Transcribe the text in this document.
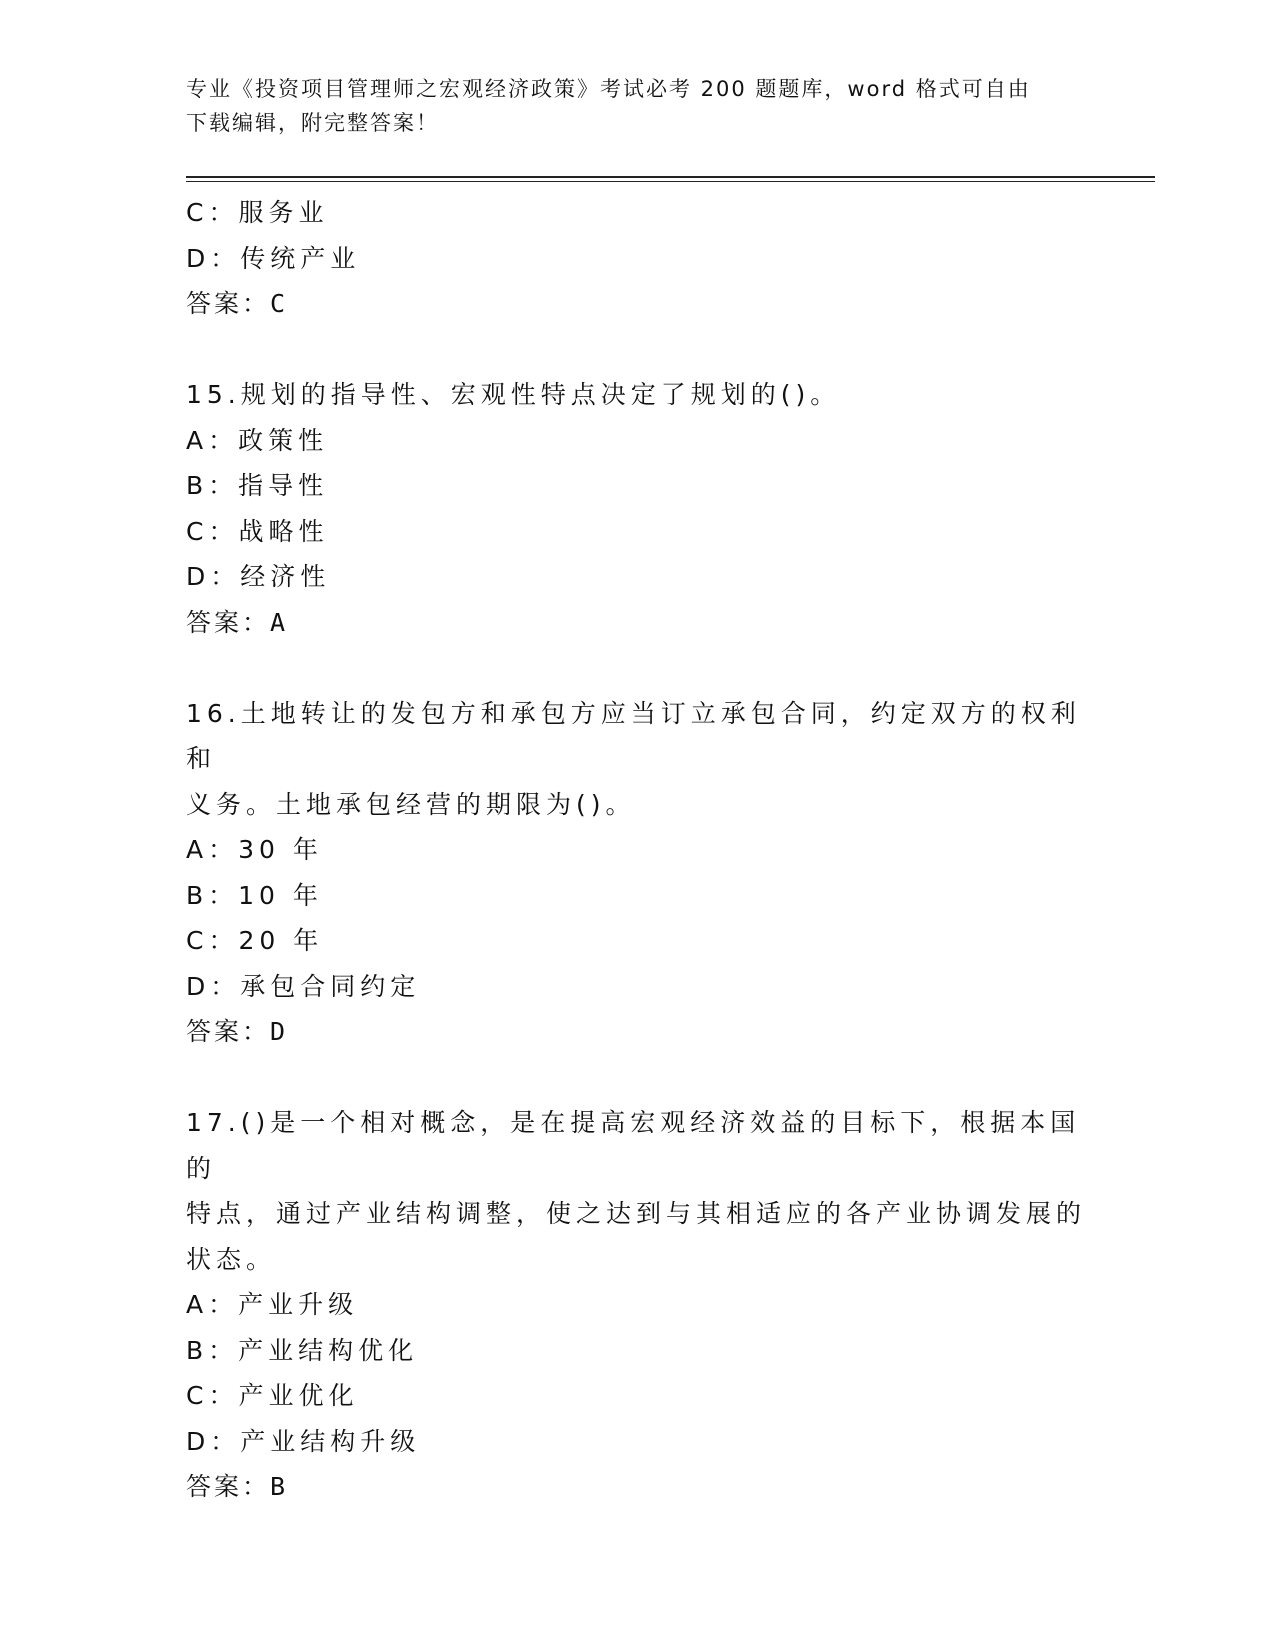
专业《投资项目管理师之宏观经济政策》考试必考 200 题题库，word 格式可自由
下载编辑，附完整答案！
C：服务业
D：传统产业
答案：C
15.规划的指导性、宏观性特点决定了规划的()。
A：政策性
B：指导性
C：战略性
D：经济性
答案：A
16.土地转让的发包方和承包方应当订立承包合同，约定双方的权利和
义务。土地承包经营的期限为()。
A：30 年
B：10 年
C：20 年
D：承包合同约定
答案：D
17.()是一个相对概念，是在提高宏观经济效益的目标下，根据本国的
特点，通过产业结构调整，使之达到与其相适应的各产业协调发展的
状态。
A：产业升级
B：产业结构优化
C：产业优化
D：产业结构升级
答案：B
